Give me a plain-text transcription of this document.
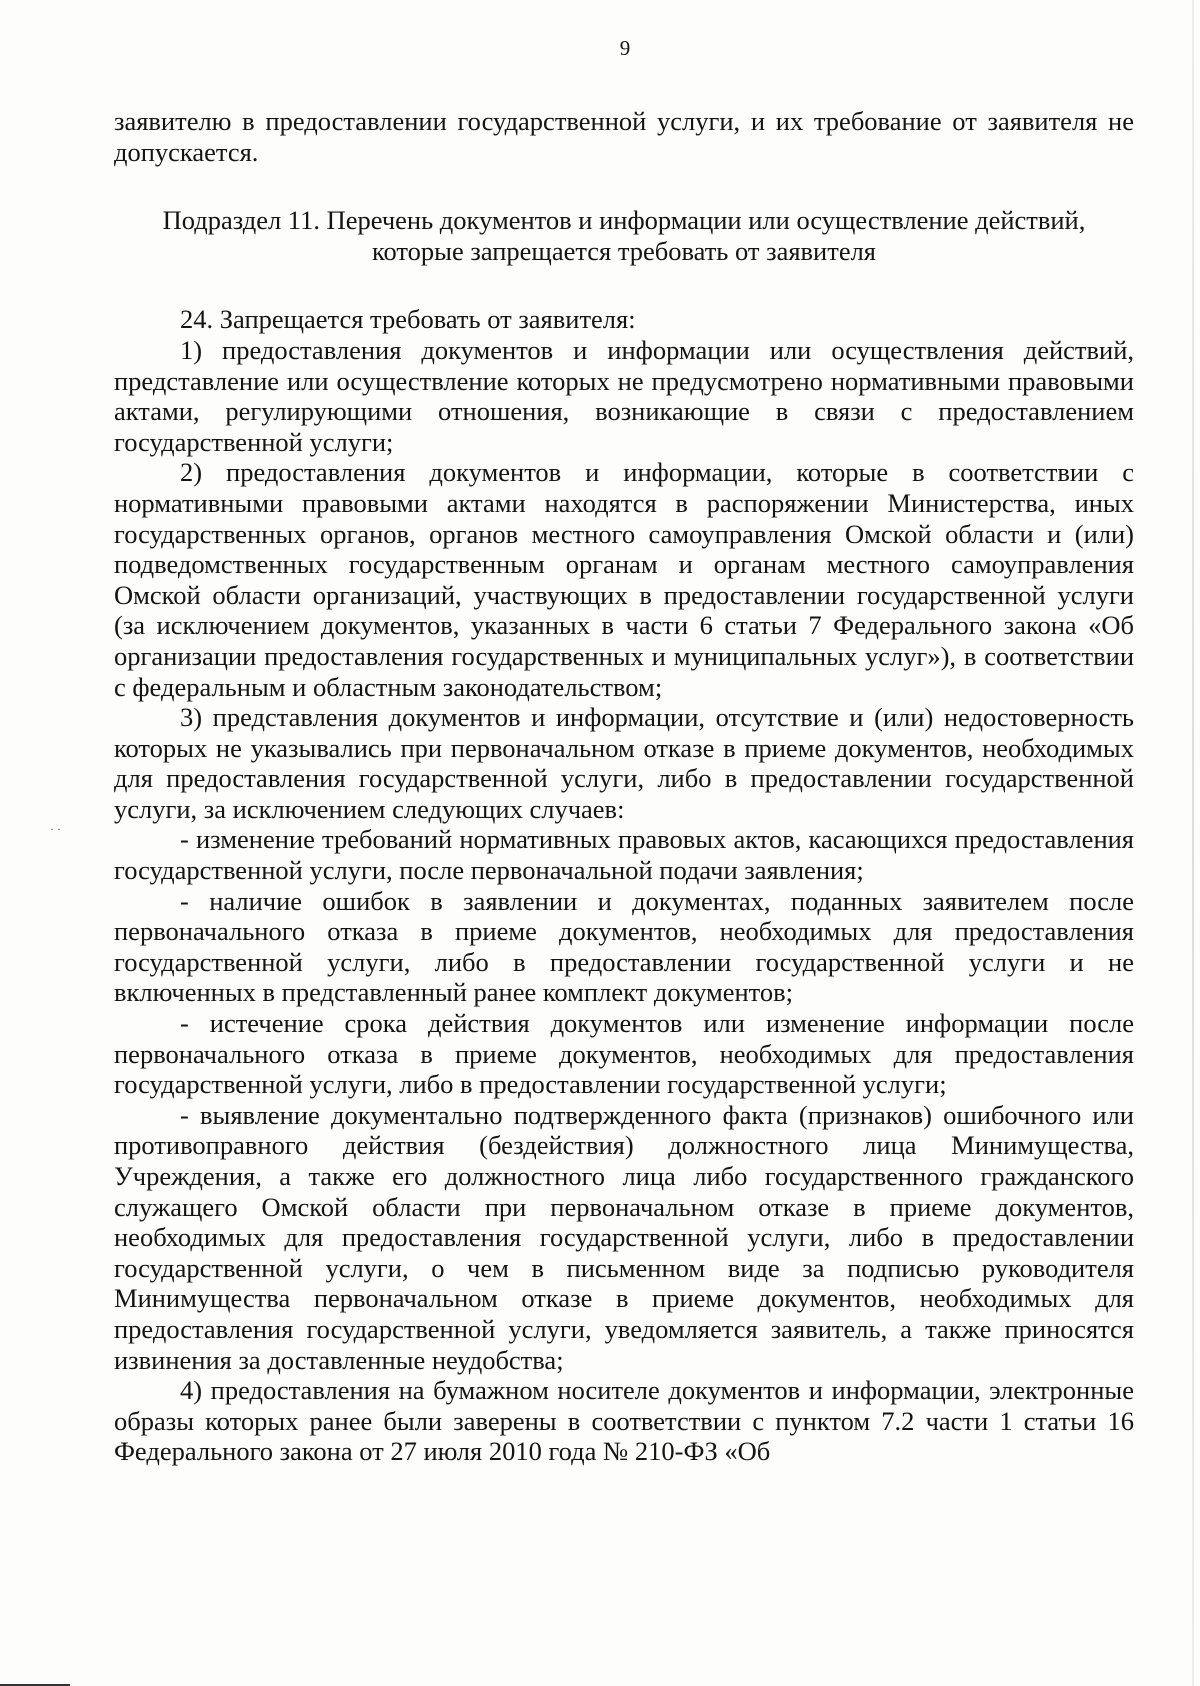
· ·
9

заявителю в предоставлении государственной услуги, и их требование от заявителя не допускается.

Подраздел 11. Перечень документов и информации или осуществление действий,
которые запрещается требовать от заявителя

24. Запрещается требовать от заявителя:

1) предоставления документов и информации или осуществления действий, представление или осуществление которых не предусмотрено нормативными правовыми актами, регулирующими отношения, возникающие в связи с предоставлением государственной услуги;

2) предоставления документов и информации, которые в соответствии с нормативными правовыми актами находятся в распоряжении Министерства, иных государственных органов, органов местного самоуправления Омской области и (или) подведомственных государственным органам и органам местного самоуправления Омской области организаций, участвующих в предоставлении государственной услуги (за исключением документов, указанных в части 6 статьи 7 Федерального закона «Об организации предоставления государственных и муниципальных услуг»), в соответствии с федеральным и областным законодательством;

3) представления документов и информации, отсутствие и (или) недостоверность которых не указывались при первоначальном отказе в приеме документов, необходимых для предоставления государственной услуги, либо в предоставлении государственной услуги, за исключением следующих случаев:

- изменение требований нормативных правовых актов, касающихся предоставления государственной услуги, после первоначальной подачи заявления;

- наличие ошибок в заявлении и документах, поданных заявителем после первоначального отказа в приеме документов, необходимых для предоставления государственной услуги, либо в предоставлении государственной услуги и не включенных в представленный ранее комплект документов;

- истечение срока действия документов или изменение информации после первоначального отказа в приеме документов, необходимых для предоставления государственной услуги, либо в предоставлении государственной услуги;

- выявление документально подтвержденного факта (признаков) ошибочного или противоправного действия (бездействия) должностного лица Минимущества, Учреждения, а также его должностного лица либо государственного гражданского служащего Омской области при первоначальном отказе в приеме документов, необходимых для предоставления государственной услуги, либо в предоставлении государственной услуги, о чем в письменном виде за подписью руководителя Минимущества первоначальном отказе в приеме документов, необходимых для предоставления государственной услуги, уведомляется заявитель, а также приносятся извинения за доставленные неудобства;

4) предоставления на бумажном носителе документов и информации, электронные образы которых ранее были заверены в соответствии с пунктом 7.2 части 1 статьи 16 Федерального закона от 27 июля 2010 года № 210-ФЗ «Об
